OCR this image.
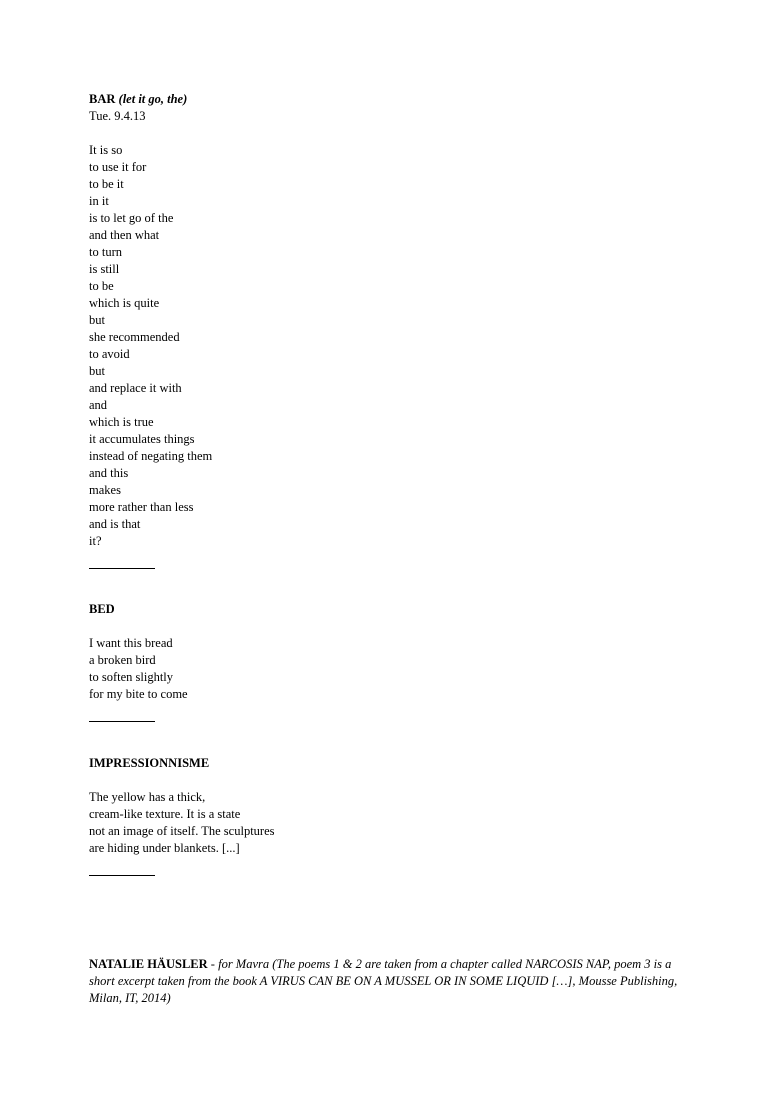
BAR (let it go, the)

Tue. 9.4.13

It is so
to use it for
to be it
in it
is to let go of the
and then what
to turn
is still
to be
which is quite
but
she recommended
to avoid
but
and replace it with
and
which is true
it accumulates things
instead of negating them
and this
makes
more rather than less
and is that
it?

BED

I want this bread
a broken bird
to soften slightly
for my bite to come

IMPRESSIONNISME

The yellow has a thick,
cream-like texture. It is a state
not an image of itself. The sculptures
are hiding under blankets. [...]

NATALIE HÄUSLER - for Mavra (The poems 1 & 2 are taken from a chapter called NARCOSIS NAP, poem 3 is a short excerpt taken from the book A VIRUS CAN BE ON A MUSSEL OR IN SOME LIQUID […], Mousse Publishing, Milan, IT, 2014)
